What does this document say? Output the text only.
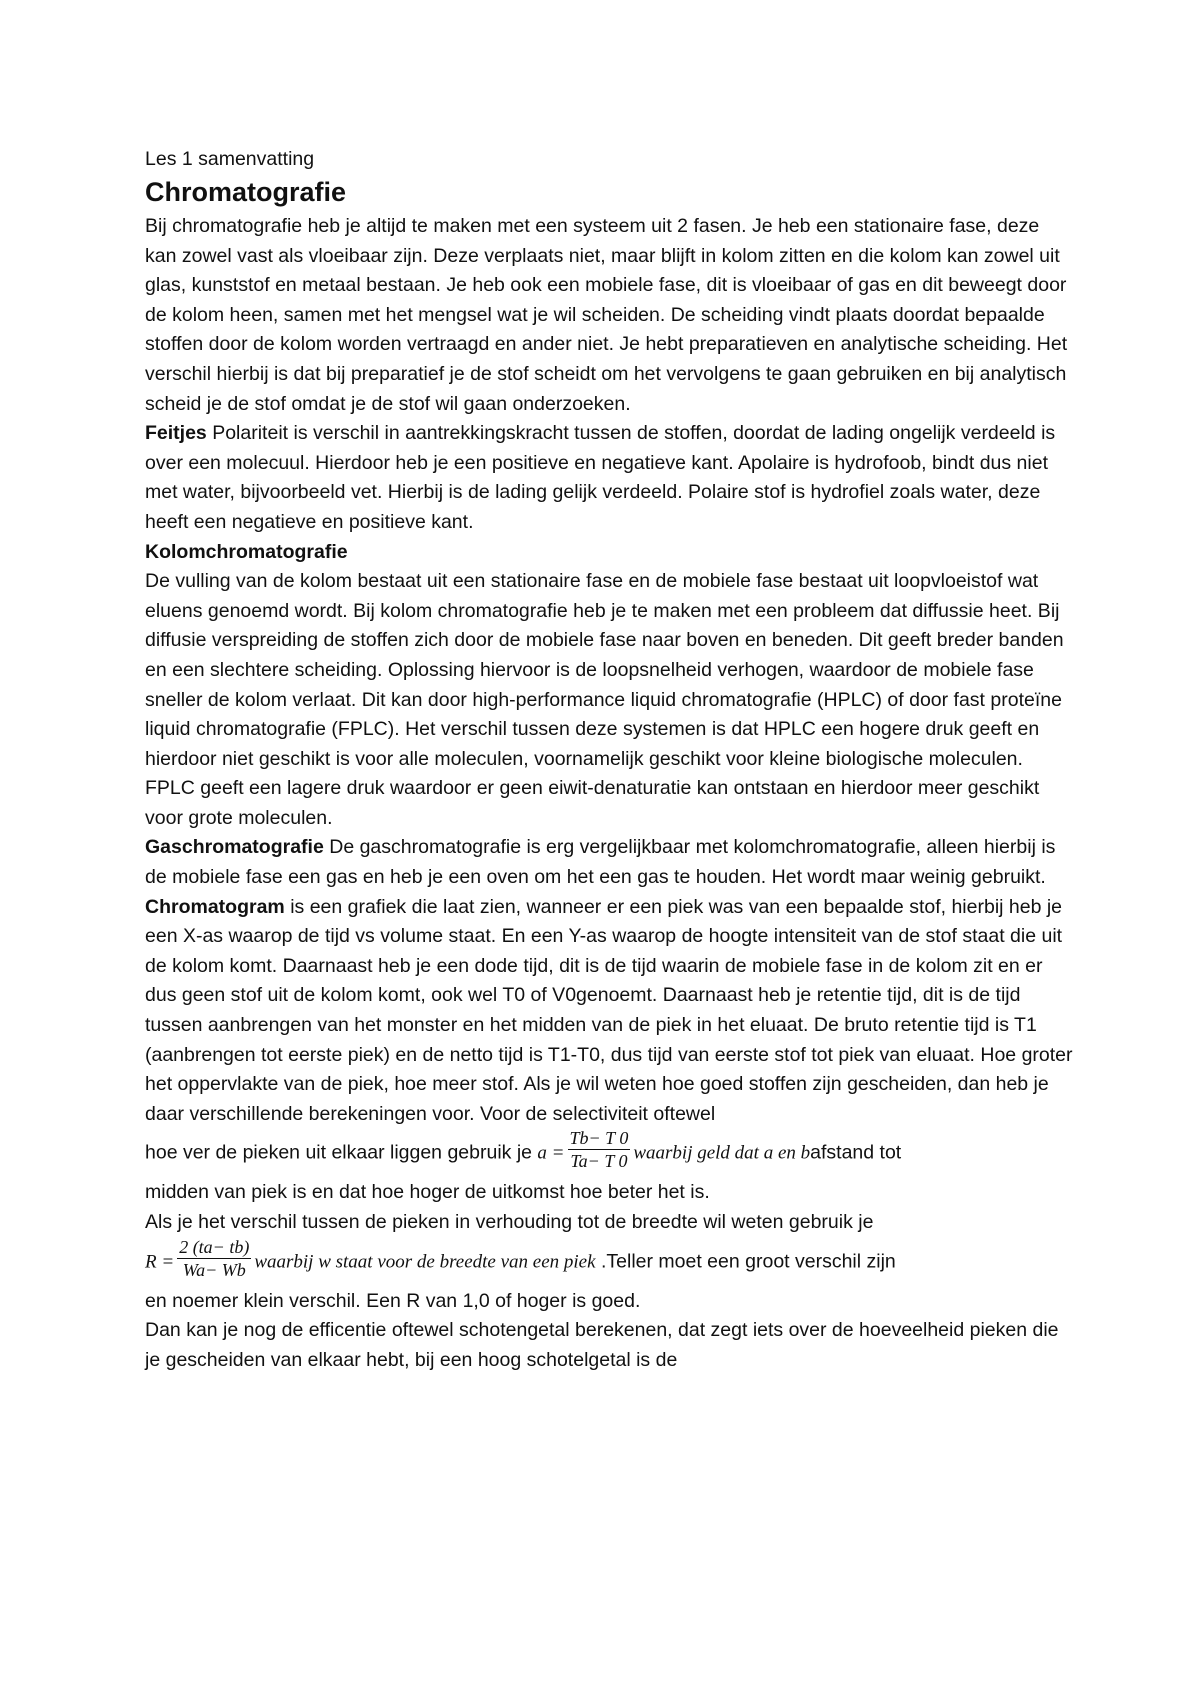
Les 1 samenvatting
Chromatografie

Bij chromatografie heb je altijd te maken met een systeem uit 2 fasen. Je heb een stationaire fase, deze kan zowel vast als vloeibaar zijn. Deze verplaats niet, maar blijft in kolom zitten en die kolom kan zowel uit glas, kunststof en metaal bestaan. Je heb ook een mobiele fase, dit is vloeibaar of gas en dit beweegt door de kolom heen, samen met het mengsel wat je wil scheiden. De scheiding vindt plaats doordat bepaalde stoffen door de kolom worden vertraagd en ander niet. Je hebt preparatieven en analytische scheiding. Het verschil hierbij is dat bij preparatief je de stof scheidt om het vervolgens te gaan gebruiken en bij analytisch scheid je de stof omdat je de stof wil gaan onderzoeken.

Feitjes Polariteit is verschil in aantrekkingskracht tussen de stoffen, doordat de lading ongelijk verdeeld is over een molecuul. Hierdoor heb je een positieve en negatieve kant. Apolaire is hydrofoob, bindt dus niet met water, bijvoorbeeld vet. Hierbij is de lading gelijk verdeeld. Polaire stof is hydrofiel zoals water, deze heeft een negatieve en positieve kant.

Kolomchromatografie
De vulling van de kolom bestaat uit een stationaire fase en de mobiele fase bestaat uit loopvloeistof wat eluens genoemd wordt. Bij kolom chromatografie heb je te maken met een probleem dat diffussie heet. Bij diffusie verspreiding de stoffen zich door de mobiele fase naar boven en beneden. Dit geeft breder banden en een slechtere scheiding. Oplossing hiervoor is de loopsnelheid verhogen, waardoor de mobiele fase sneller de kolom verlaat. Dit kan door high-performance liquid chromatografie (HPLC) of door fast proteïne liquid chromatografie (FPLC). Het verschil tussen deze systemen is dat HPLC een hogere druk geeft en hierdoor niet geschikt is voor alle moleculen, voornamelijk geschikt voor kleine biologische moleculen. FPLC geeft een lagere druk waardoor er geen eiwit-denaturatie kan ontstaan en hierdoor meer geschikt voor grote moleculen.

Gaschromatografie De gaschromatografie is erg vergelijkbaar met kolomchromatografie, alleen hierbij is de mobiele fase een gas en heb je een oven om het een gas te houden. Het wordt maar weinig gebruikt.

Chromatogram is een grafiek die laat zien, wanneer er een piek was van een bepaalde stof, hierbij heb je een X-as waarop de tijd vs volume staat. En een Y-as waarop de hoogte intensiteit van de stof staat die uit de kolom komt. Daarnaast heb je een dode tijd, dit is de tijd waarin de mobiele fase in de kolom zit en er dus geen stof uit de kolom komt, ook wel T0 of V0genoemt. Daarnaast heb je retentie tijd, dit is de tijd tussen aanbrengen van het monster en het midden van de piek in het eluaat. De bruto retentie tijd is T1 (aanbrengen tot eerste piek) en de netto tijd is T1-T0, dus tijd van eerste stof tot piek van eluaat. Hoe groter het oppervlakte van de piek, hoe meer stof. Als je wil weten hoe goed stoffen zijn gescheiden, dan heb je daar verschillende berekeningen voor. Voor de selectiviteit oftewel

hoe ver de pieken uit elkaar liggen gebruik je $a = \frac{Tb- T 0}{Ta- T 0}$ waarbij geld dat a en bafstand tot

midden van piek is en dat hoe hoger de uitkomst hoe beter het is.

Als je het verschil tussen de pieken in verhouding tot de breedte wil weten gebruik je

$R = \frac{2 (ta- tb)}{Wa- Wb}$ waarbij w staat voor de breedte van een piek .Teller moet een groot verschil zijn

en noemer klein verschil. Een R van 1,0 of hoger is goed.

Dan kan je nog de efficentie oftewel schotengetal berekenen, dat zegt iets over de hoeveelheid pieken die je gescheiden van elkaar hebt, bij een hoog schotelgetal is de
